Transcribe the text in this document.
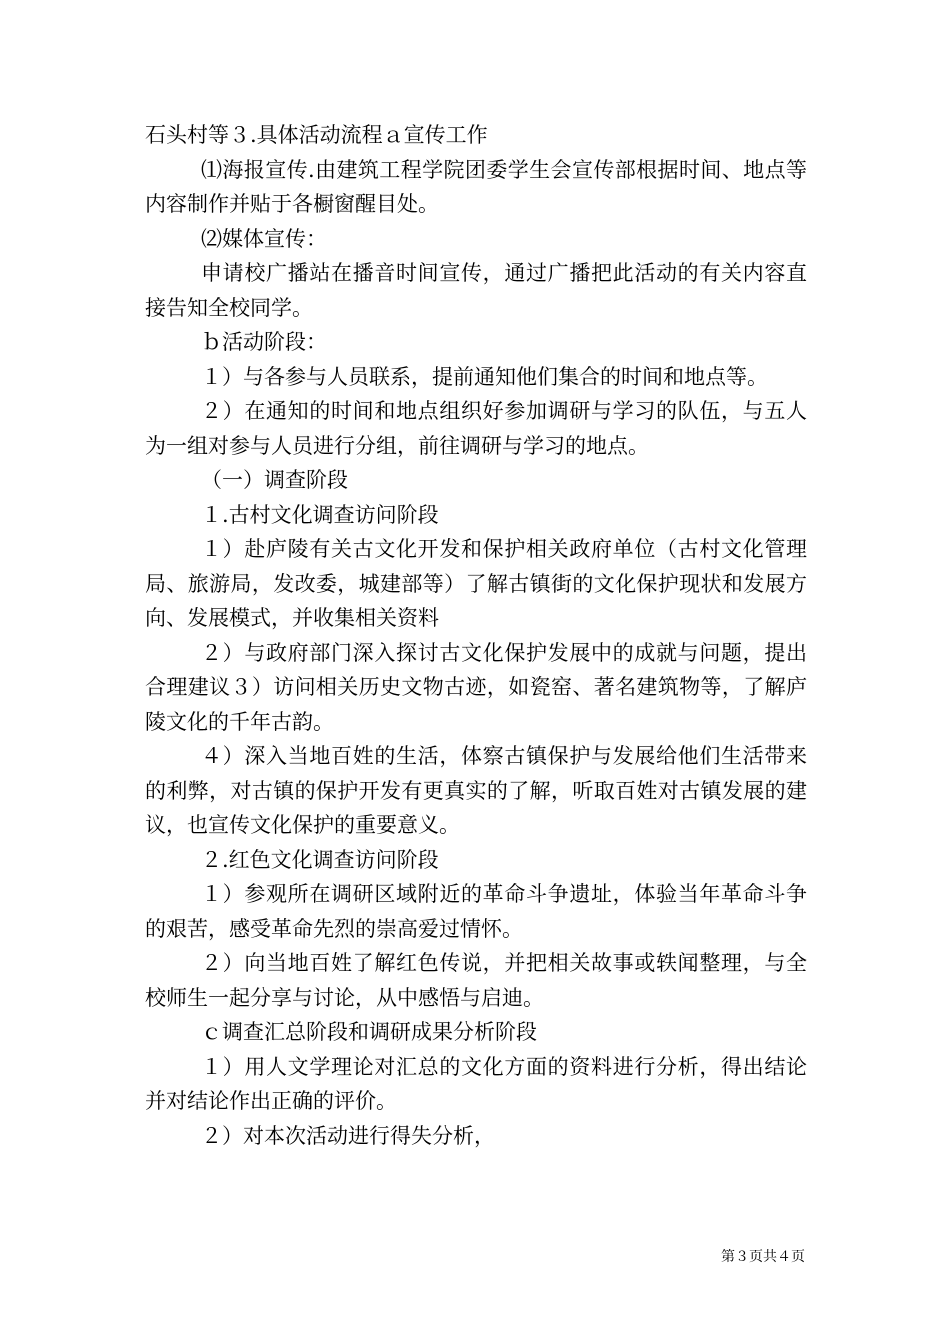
石头村等３.具体活动流程ａ宣传工作

⑴海报宣传.由建筑工程学院团委学生会宣传部根据时间、地点等内容制作并贴于各橱窗醒目处。

⑵媒体宣传：

申请校广播站在播音时间宣传，通过广播把此活动的有关内容直接告知全校同学。

ｂ活动阶段：

１）与各参与人员联系，提前通知他们集合的时间和地点等。

２）在通知的时间和地点组织好参加调研与学习的队伍，与五人为一组对参与人员进行分组，前往调研与学习的地点。

（一）调查阶段

１.古村文化调查访问阶段

１）赴庐陵有关古文化开发和保护相关政府单位（古村文化管理局、旅游局，发改委，城建部等）了解古镇街的文化保护现状和发展方向、发展模式，并收集相关资料

２）与政府部门深入探讨古文化保护发展中的成就与问题，提出合理建议３）访问相关历史文物古迹，如瓷窑、著名建筑物等，了解庐陵文化的千年古韵。

４）深入当地百姓的生活，体察古镇保护与发展给他们生活带来的利弊，对古镇的保护开发有更真实的了解，听取百姓对古镇发展的建议，也宣传文化保护的重要意义。

２.红色文化调查访问阶段

１）参观所在调研区域附近的革命斗争遗址，体验当年革命斗争的艰苦，感受革命先烈的崇高爱过情怀。

２）向当地百姓了解红色传说，并把相关故事或轶闻整理，与全校师生一起分享与讨论，从中感悟与启迪。

ｃ调查汇总阶段和调研成果分析阶段

１）用人文学理论对汇总的文化方面的资料进行分析，得出结论并对结论作出正确的评价。

２）对本次活动进行得失分析，

第３页共４页
